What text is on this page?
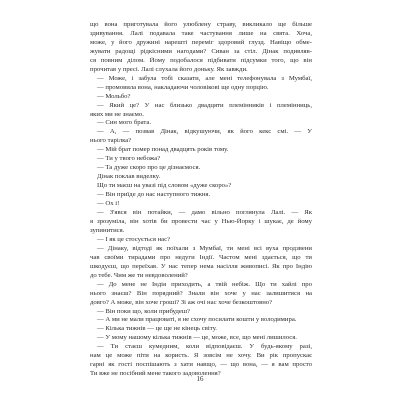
що вона приготувала його улюблену страву, викликало ще більше
здивування. Лалі подавала таке частування лише на свята. Хоча,
може, у його дружині нарешті переміг здоровий глузд. Навіщо обме-
жувати радощі рідкісними нагодами? Сиван за стіл. Дінак подивляв-
ся повним ділом. Йому подобалося підбивати підсумки того, що він
прочитав у пресі. Лалі слухала його доньку. Як завжди.
— Може, і забула тобі сказати, але мені телефонувала з Мумбаї,
— промовила вона, накладаючи чоловікові ще одну порцію.
— Мольбо?
— Який це? У нас близько двадцяти племінників і племінниць,
яких ми не знаємо.
— Син мого брата.
— А, — позвав Дінак, відкушуючи, як його кекс смі. — У
нього тарілка?
— Мій брат помер понад двадцять років тому.
— Ти у твого небожа?
— Та дуже скоро про це дізнаємося.
Дінак поклав виделку.
Що ти маєш на увазі під словом «дуже скоро»?
— Він приїде до нас наступного тижня.
— Ох і!
— З'явся він потайки, — дамо вільно поглянула Лалі. — Як
я зрозуміла, він хотів би провести час у Нью-Йорку і шукає, де йому
зупинитися.
— І як це стосується нас?
— Дінаку, відтоді як поїхали з Мумбаї, ти мені всі вуха продзвени
чав своїми тирадами про недуги Індії. Частом мені здається, що ти
шкодуєш, що переїхав. У нас тепер нема насілля живописі. Як про Індію
до тебе. Чим же ти невдоволений?
— До мене не Індія приходить, а твій небіж. Що ти хайлі про
нього знаєш? Він порядний? Знали він хоче у нас залишитися на
довго? А може, він хоче гроші? Зі аж очі нас хоче безкоштовно?
— Він поки що, коли прибудеш?
— А ми не мали працюваті, я не схочу посилати кошти у володимира.
— Кілька тижнів — це ще не кінець світу.
— У мому нашому кілька тижнів — це, може, все, що мені лишилося.
— Ти стаєш кумедним, коли відповідаєш. У будь-якому разі,
нам це може піти на користь. Я зовсім не хочу. Ви рік пропускає
гарні як гості поспішають з хати навщо, — що вона, — я вам просто
Ти вже не посібний мене такого задоволення?
16
